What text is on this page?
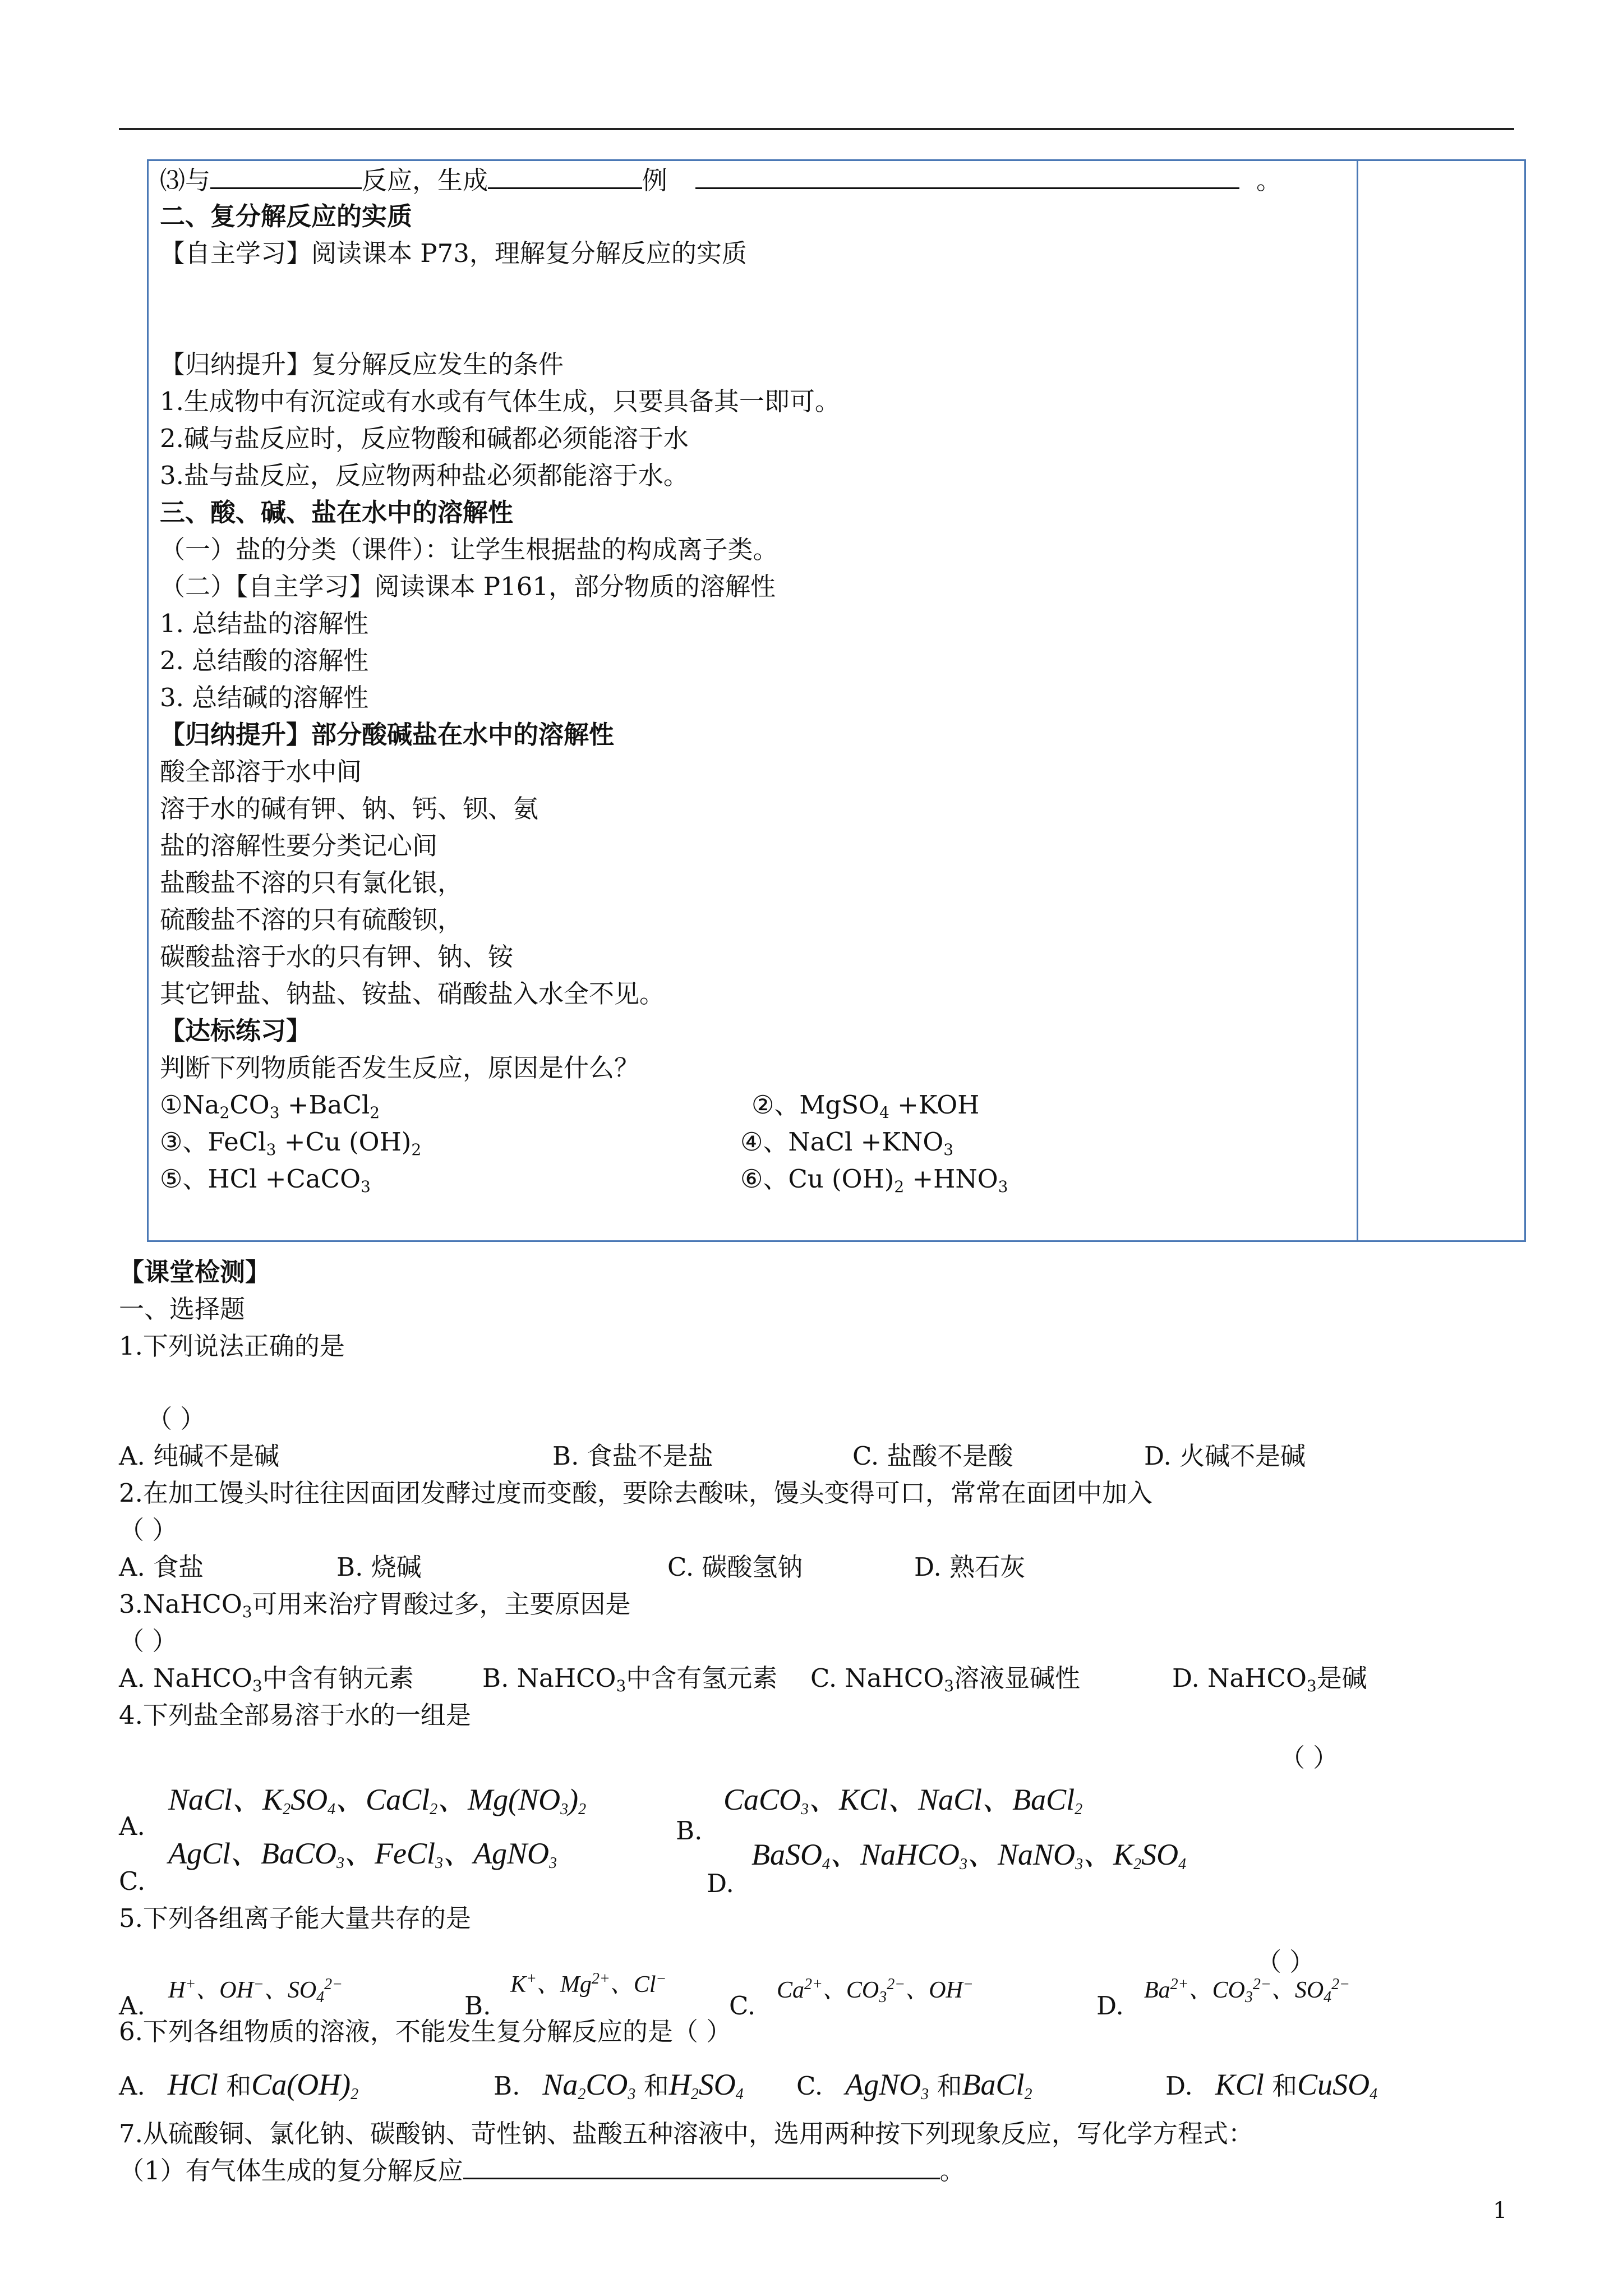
⑶与	反应，生成	例	。
二、复分解反应的实质
【自主学习】阅读课本 P73，理解复分解反应的实质
【归纳提升】复分解反应发生的条件
1.生成物中有沉淀或有水或有气体生成，只要具备其一即可。
2.碱与盐反应时，反应物酸和碱都必须能溶于水
3.盐与盐反应，反应物两种盐必须都能溶于水。
三、酸、碱、盐在水中的溶解性
（一）盐的分类（课件）：让学生根据盐的构成离子类。
（二）【自主学习】阅读课本 P161，部分物质的溶解性
1. 总结盐的溶解性
2. 总结酸的溶解性
3. 总结碱的溶解性
【归纳提升】部分酸碱盐在水中的溶解性
酸全部溶于水中间
溶于水的碱有钾、钠、钙、钡、氨
盐的溶解性要分类记心间
盐酸盐不溶的只有氯化银，
硫酸盐不溶的只有硫酸钡，
碳酸盐溶于水的只有钾、钠、铵
其它钾盐、钠盐、铵盐、硝酸盐入水全不见。
【达标练习】
判断下列物质能否发生反应，原因是什么？
$①Na_2CO_3$ +BaCl$_2$	②、MgSO$_4$ +KOH
③、FeCl$_3$ +Cu $(OH)_2$	④、NaCl $+KNO_3$
⑤、HCl +CaCO$_3$	⑥、Cu $(OH)_2 +HNO_3$
【课堂检测】
一、选择题
1.下列说法正确的是
（ ）
A. 纯碱不是碱	B. 食盐不是盐	C. 盐酸不是酸	D. 火碱不是碱
2.在加工馒头时往往因面团发酵过度而变酸，要除去酸味，馒头变得可口，常常在面团中加入
（ ）
A. 食盐	B. 烧碱	C. 碳酸氢钠	D. 熟石灰
3.NaHCO$_3$可用来治疗胃酸过多，主要原因是
（ ）
A. NaHCO$_3$中含有钠元素	B. NaHCO$_3$中含有氢元素 C. NaHCO$_3$溶液显碱性	D. NaHCO$_3$是碱
4.下列盐全部易溶于水的一组是
（ ）
A.
NaCl、$K_2SO_4$、CaCl$_2$、$Mg(NO_3)_2$
B.
CaCO$_3$、KCl、NaCl、BaCl$_2$
C.
AgCl、BaCO$_3$、FeCl$_3$、AgNO$_3$
D.
BaSO$_4$、NaHCO$_3$、NaNO$_3$、$K_2SO_4$
5.下列各组离子能大量共存的是
（ ）
A.
H+、OH−、$SO_4^{2-}$
B.
K+、$Mg^{2+}$、Cl−
C.
$Ca^{2+}$、$CO_3^{2-}$、OH−
D.
$Ba^{2+}$、$CO_3^{2-}$、$SO_4^{2-}$
6.下列各组物质的溶液，不能发生复分解反应的是（ ）
A. HCl 和$Ca(OH)_2$	B. $Na_2CO_3$ 和$H_2SO_4$ C. AgNO$_3$ 和BaCl$_2$	D. KCl 和CuSO$_4$
7.从硫酸铜、氯化钠、碳酸钠、苛性钠、盐酸五种溶液中，选用两种按下列现象反应，写化学方程式：
（1）有气体生成的复分解反应	。
1
